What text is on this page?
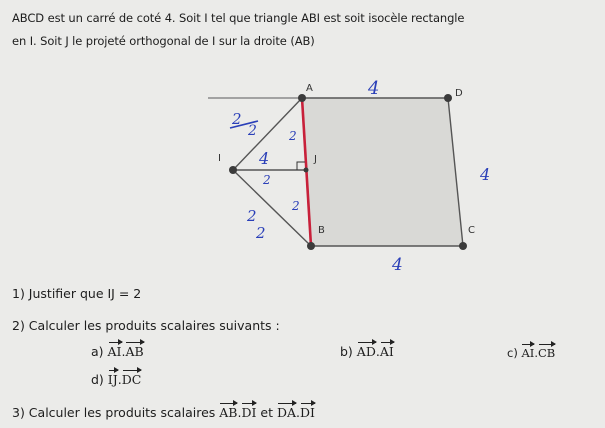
ABCD est un carré de coté 4. Soit I tel que triangle ABI est soit isocèle rectangle
en I. Soit J le projeté orthogonal de I sur la droite (AB)
A	D
J
B	C
I
4
4
4
2
2
4
2
2
2
2
2
1) Justifier que IJ = 2
2) Calculer les produits scalaires suivants :
a) AI.AB	b) AD.AI	c) AI.CB
d) IJ.DC
3) Calculer les produits scalaires AB.DI et DA.DI
